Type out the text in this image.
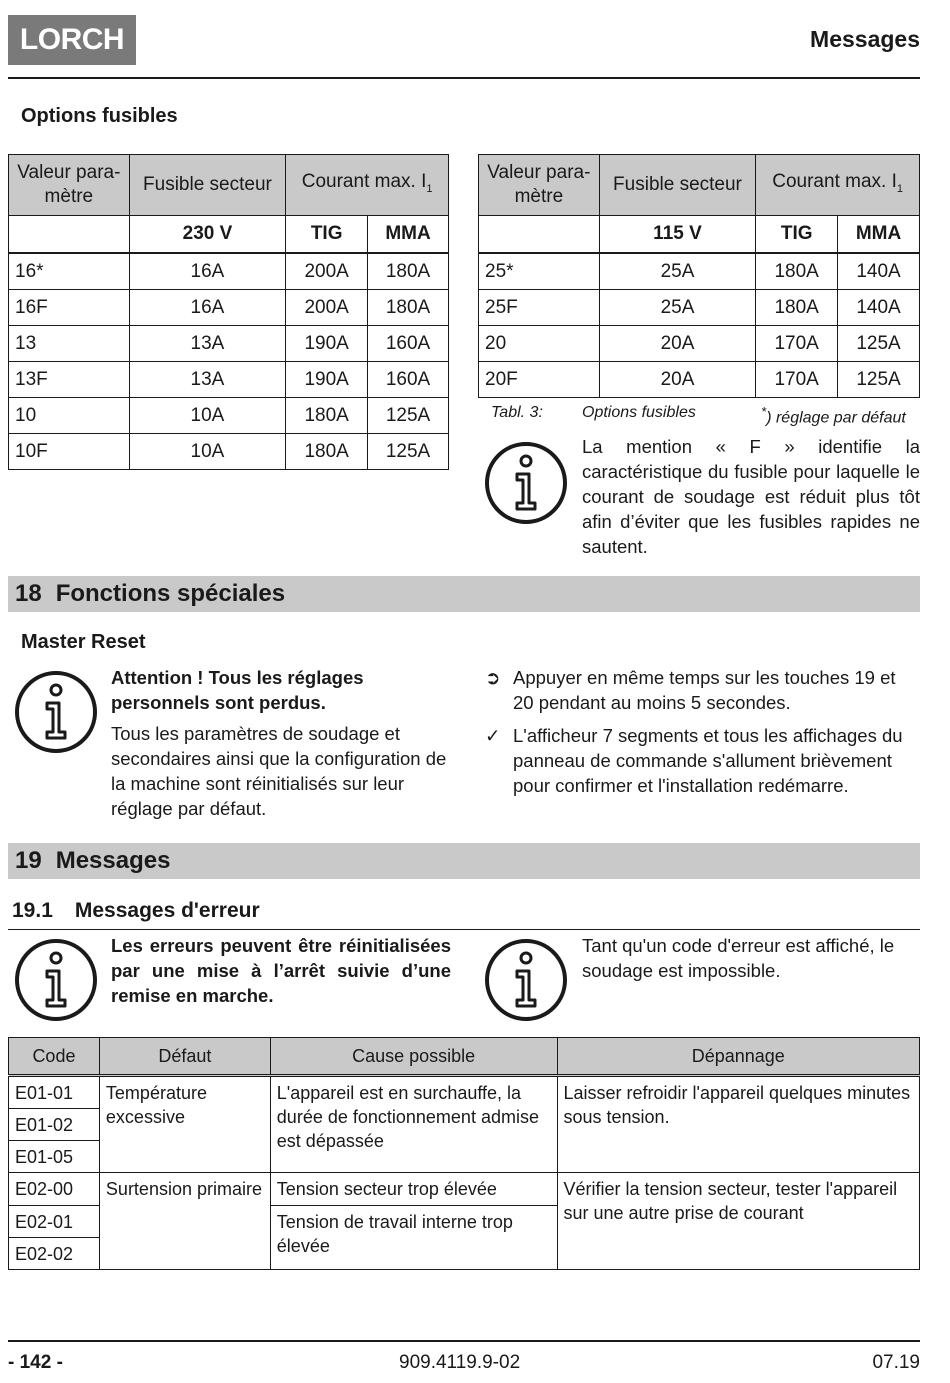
LORCH	Messages
Options fusibles
Valeur para-
mètre	Fusible secteur	Courant max. $I_1$
	230 V	TIG	MMA
16*	16A	200A	180A
16F	16A	200A	180A
13	13A	190A	160A
13F	13A	190A	160A
10	10A	180A	125A
10F	10A	180A	125A
Valeur para-
mètre	Fusible secteur	Courant max. $I_1$
	115 V	TIG	MMA
25*	25A	180A	140A
25F	25A	180A	140A
20	20A	170A	125A
20F	20A	170A	125A
Tabl. 3: Options fusibles	*) réglage par défaut
La mention « F » identifie la caractéristique du fusible pour laquelle le courant de soudage est réduit plus tôt afin d’éviter que les fusibles rapides ne sautent.
18 Fonctions spéciales
Master Reset
Attention ! Tous les réglages personnels sont perdus.
Tous les paramètres de soudage et secondaires ainsi que la configuration de la machine sont réinitialisés sur leur réglage par défaut.
➲ Appuyer en même temps sur les touches 19 et 20 pendant au moins 5 secondes.
✓ L'afficheur 7 segments et tous les affichages du panneau de commande s'allument brièvement pour confirmer et l'installation redémarre.
19 Messages
19.1 Messages d'erreur
Les erreurs peuvent être réinitialisées par une mise à l’arrêt suivie d’une remise en marche.
Tant qu'un code d'erreur est affiché, le soudage est impossible.
Code	Défaut	Cause possible	Dépannage
E01-01	Température excessive	L'appareil est en surchauffe, la durée de fonctionnement admise est dépassée	Laisser refroidir l'appareil quelques minutes sous tension.
E01-02			
E01-05			
E02-00	Surtension primaire	Tension secteur trop élevée	Vérifier la tension secteur, tester l'appareil sur une autre prise de courant
E02-01		Tension de travail interne trop élevée	
E02-02			
- 142 -	909.4119.9-02	07.19
